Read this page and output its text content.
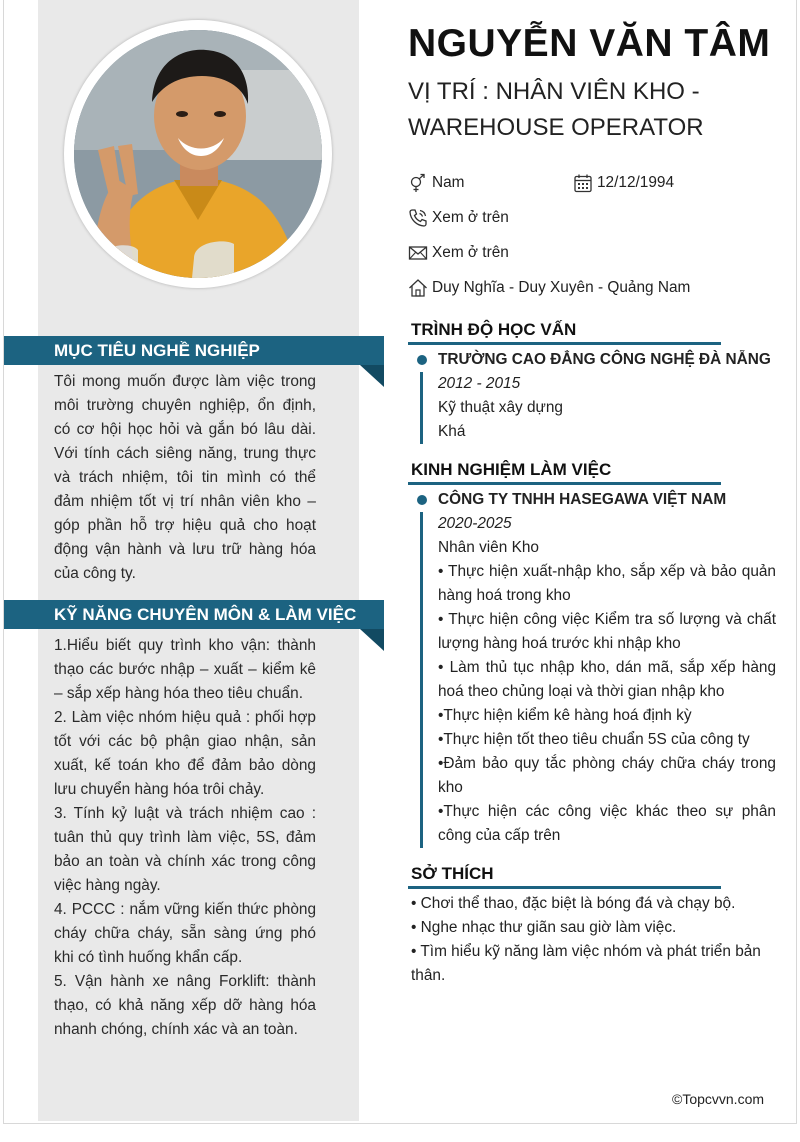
MỤC TIÊU NGHỀ NGHIỆP
Tôi mong muốn được làm việc trong môi trường chuyên nghiệp, ổn định, có cơ hội học hỏi và gắn bó lâu dài. Với tính cách siêng năng, trung thực và trách nhiệm, tôi tin mình có thể đảm nhiệm tốt vị trí nhân viên kho – góp phần hỗ trợ hiệu quả cho hoạt động vận hành và lưu trữ hàng hóa của công ty.
KỸ NĂNG CHUYÊN MÔN & LÀM VIỆC
1.Hiểu biết quy trình kho vận: thành thạo các bước nhập – xuất – kiểm kê – sắp xếp hàng hóa theo tiêu chuẩn.
2. Làm việc nhóm hiệu quả : phối hợp tốt với các bộ phận giao nhận, sản xuất, kế toán kho để đảm bảo dòng lưu chuyển hàng hóa trôi chảy.
3. Tính kỷ luật và trách nhiệm cao : tuân thủ quy trình làm việc, 5S, đảm bảo an toàn và chính xác trong công việc hàng ngày.
4. PCCC : nắm vững kiến thức phòng cháy chữa cháy, sẵn sàng ứng phó khi có tình huống khẩn cấp.
5. Vận hành xe nâng Forklift: thành thạo, có khả năng xếp dỡ hàng hóa nhanh chóng, chính xác và an toàn.
NGUYỄN VĂN TÂM
VỊ TRÍ : NHÂN VIÊN KHO -
WAREHOUSE OPERATOR
Nam	12/12/1994
Xem ở trên
Xem ở trên
Duy Nghĩa - Duy Xuyên - Quảng Nam
TRÌNH ĐỘ HỌC VẤN
TRƯỜNG CAO ĐẲNG CÔNG NGHỆ ĐÀ NẴNG
2012 - 2015
Kỹ thuật xây dựng
Khá
KINH NGHIỆM LÀM VIỆC
CÔNG TY TNHH HASEGAWA VIỆT NAM
2020-2025
Nhân viên Kho
• Thực hiện xuất-nhập kho, sắp xếp và bảo quản hàng hoá trong kho
• Thực hiện công việc Kiểm tra số lượng và chất lượng hàng hoá trước khi nhập kho
• Làm thủ tục nhập kho, dán mã, sắp xếp hàng hoá theo chủng loại và thời gian nhập kho
•Thực hiện kiểm kê hàng hoá định kỳ
•Thực hiện tốt theo tiêu chuẩn 5S của công ty
•Đảm bảo quy tắc phòng cháy chữa cháy trong kho
•Thực hiện các công việc khác theo sự phân công của cấp trên
SỞ THÍCH
• Chơi thể thao, đặc biệt là bóng đá và chạy bộ.
• Nghe nhạc thư giãn sau giờ làm việc.
• Tìm hiểu kỹ năng làm việc nhóm và phát triển bản thân.
©Topcvvn.com
